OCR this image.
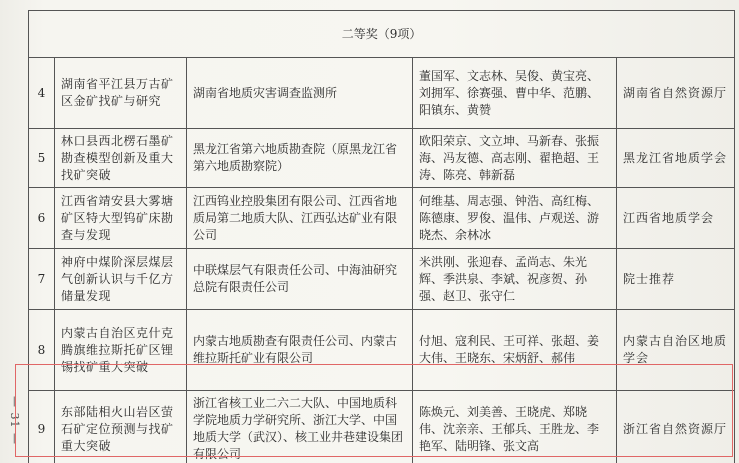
— 31 —
二等奖（9项）				
4	湖南省平江县万古矿区金矿找矿与研究	湖南省地质灾害调查监测所	董国军、文志林、吴俊、黄宝亮、刘拥军、徐赛强、曹中华、范鹏、阳镇东、黄赞	湖南省自然资源厅
5	林口县西北楞石墨矿勘查模型创新及重大找矿突破	黑龙江省第六地质勘查院（原黑龙江省第六地质勘察院）	欧阳荣京、文立坤、马新春、张振海、冯友德、高志刚、翟艳超、王涛、陈亮、韩新磊	黑龙江省地质学会
6	江西省靖安县大雾塘矿区特大型钨矿床勘查与发现	江西钨业控股集团有限公司、江西省地质局第二地质大队、江西弘达矿业有限公司	何维基、周志强、钟浩、高红梅、陈德康、罗俊、温伟、卢观送、游晓杰、余林冰	江西省地质学会
7	神府中煤阶深层煤层气创新认识与千亿方储量发现	中联煤层气有限责任公司、中海油研究总院有限责任公司	米洪刚、张迎春、孟尚志、朱光辉、季洪泉、李斌、祝彦贺、孙强、赵卫、张守仁	院士推荐
8	内蒙古自治区克什克腾旗维拉斯托矿区锂锡找矿重大突破	内蒙古地质勘查有限责任公司、内蒙古维拉斯托矿业有限公司	付旭、寇利民、王可祥、张超、姜大伟、王晓东、宋炳舒、郝伟	内蒙古自治区地质学会
9	东部陆相火山岩区萤石矿定位预测与找矿重大突破	浙江省核工业二六二大队、中国地质科学院地质力学研究所、浙江大学、中国地质大学（武汉）、核工业井巷建设集团有限公司	陈焕元、刘美善、王晓虎、郑晓伟、沈亲亲、王郁兵、王胜龙、李艳军、陆明锋、张文高	浙江省自然资源厅
